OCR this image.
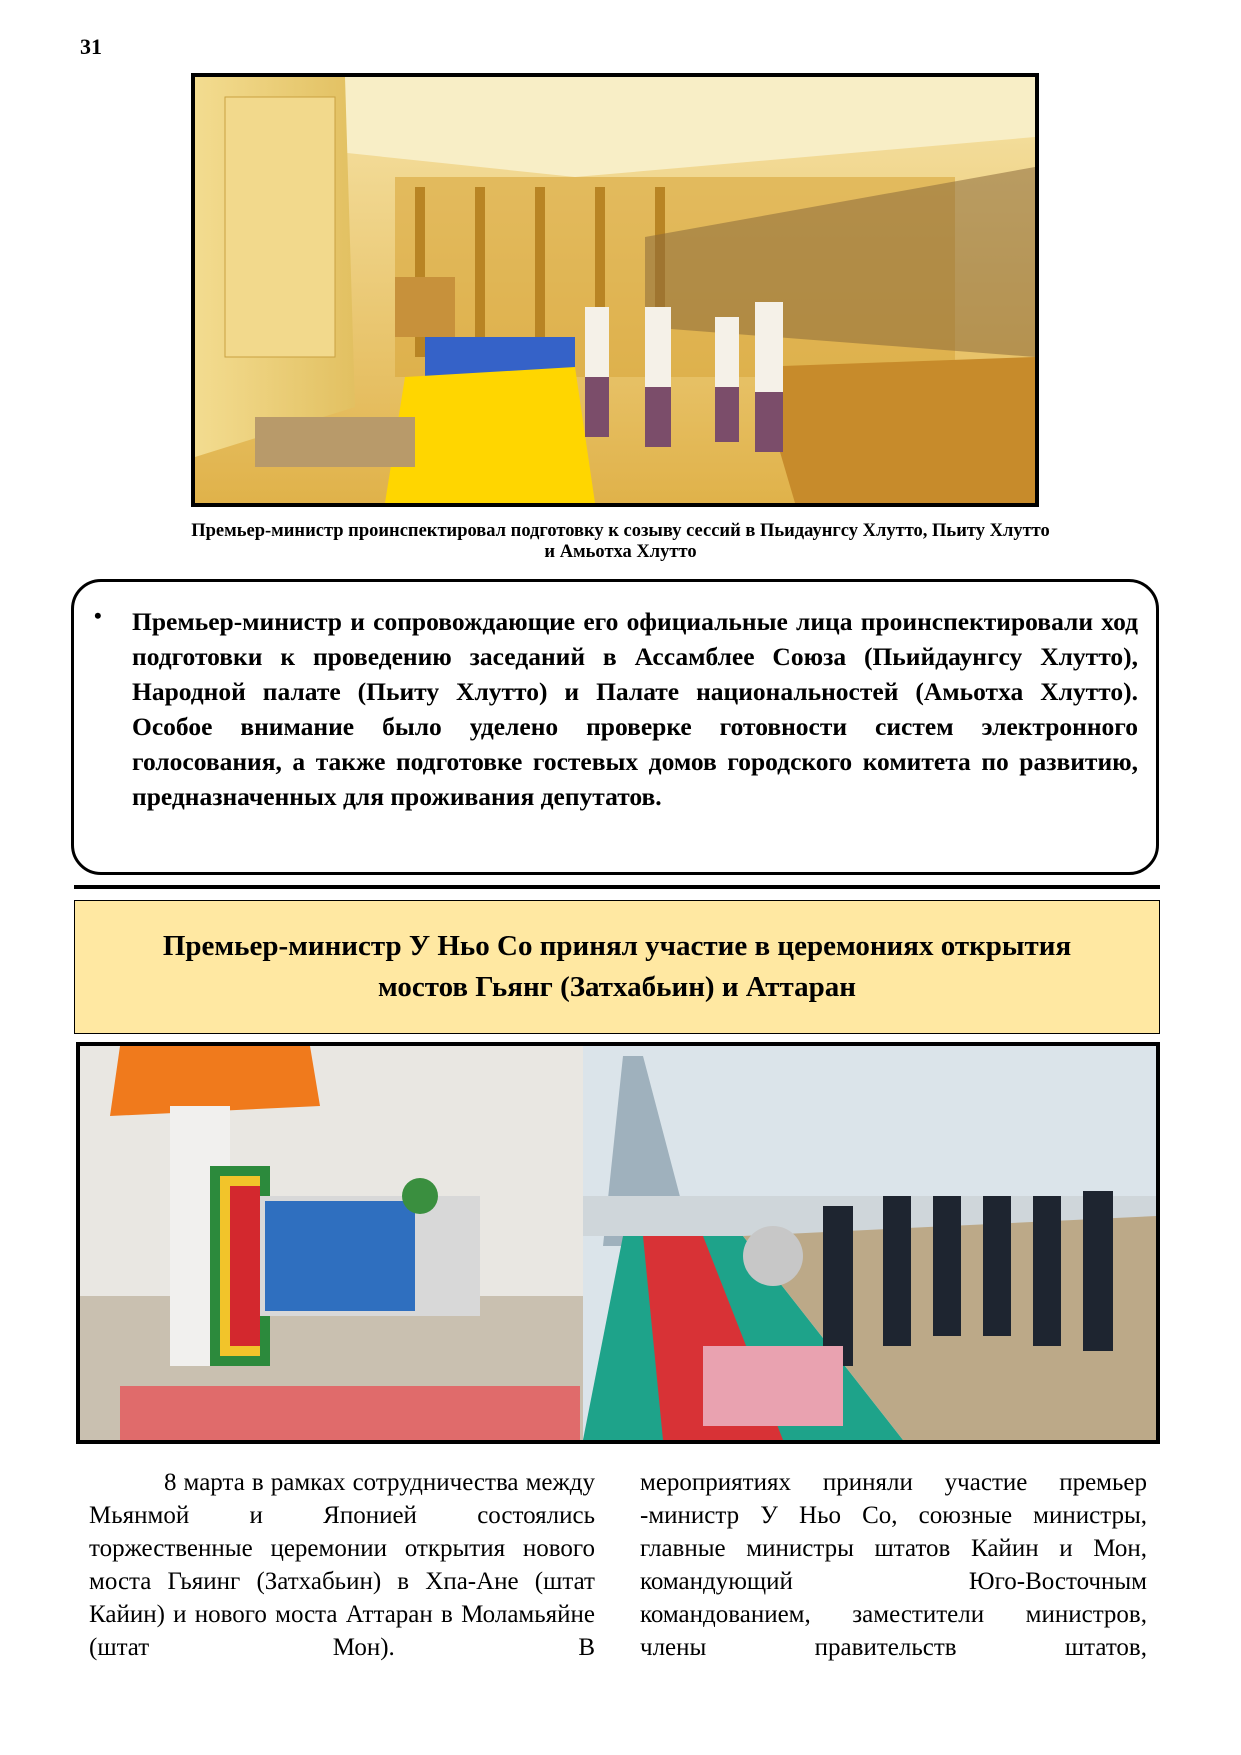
31
Премьер-министр проинспектировал подготовку к созыву сессий в Пьидаунгсу Хлутто, Пьиту Хлутто
и Амьотха Хлутто
• Премьер-министр и сопровождающие его официальные лица проинспектировали ход подготовки к проведению заседаний в Ассамблее Союза (Пьийдаунгсу Хлутто), Народной палате (Пьиту Хлутто) и Палате национальностей (Амьотха Хлутто). Особое внимание было уделено проверке готовности систем электронного голосования, а также подготовке гостевых домов городского комитета по развитию, предназначенных для проживания депутатов.

Премьер-министр У Ньо Со принял участие в церемониях открытия мостов Гьянг (Затхабьин) и Аттаран
8 марта в рамках сотрудничества между Мьянмой и Японией состоялись торжественные церемонии открытия нового моста Гьяинг (Затхабьин) в Хпа-Ане (штат Кайин) и нового моста Аттаран в Моламьяйне (штат Мон). В
мероприятиях приняли участие премьер -министр У Ньо Со, союзные министры, главные министры штатов Кайин и Мон, командующий Юго-Восточным командованием, заместители министров, члены правительств штатов,
